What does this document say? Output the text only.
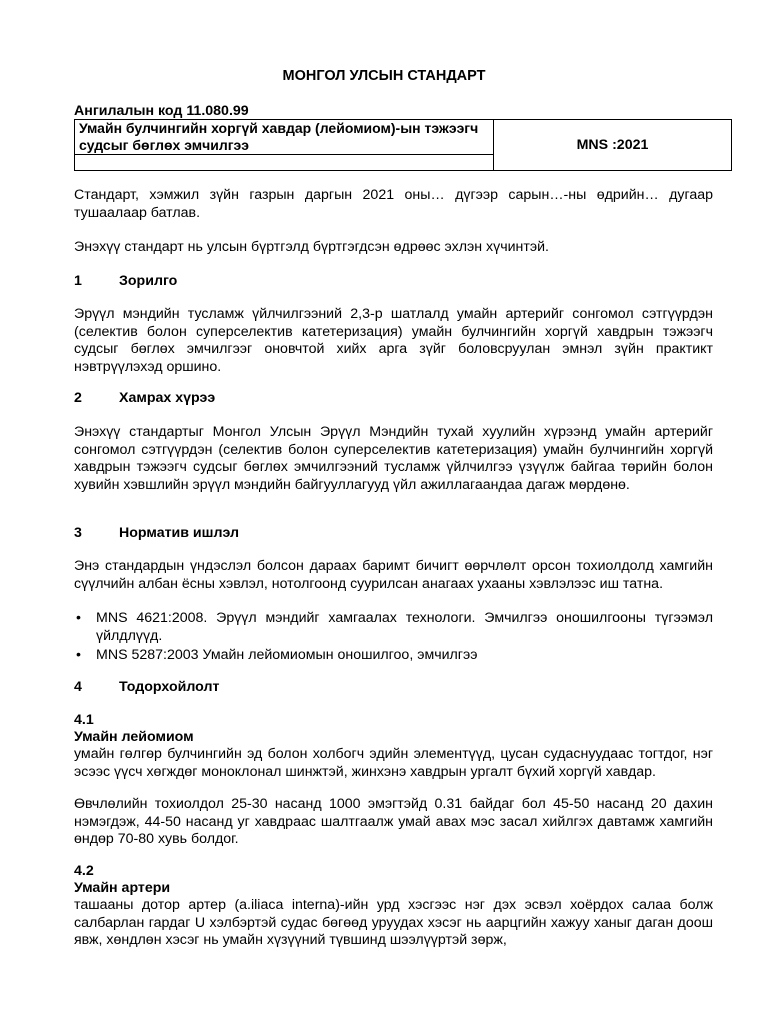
МОНГОЛ УЛСЫН СТАНДАРТ
Ангилалын код 11.080.99
Умайн булчингийн хоргүй хавдар (лейомиом)-ын тэжээгч судсыг бөглөх эмчилгээ	MNS :2021

Стандарт, хэмжил зүйн газрын даргын 2021 оны… дүгээр сарын…-ны өдрийн… дугаар тушаалаар батлав.

Энэхүү стандарт нь улсын бүртгэлд бүртгэгдсэн өдрөөс эхлэн хүчинтэй.

1	Зорилго

Эрүүл мэндийн тусламж үйлчилгээний 2,3-р шатлалд умайн артерийг сонгомол сэтгүүрдэн (селектив болон суперселектив катетеризация) умайн булчингийн хоргүй хавдрын тэжээгч судсыг бөглөх эмчилгээг оновчтой хийх арга зүйг боловсруулан эмнэл зүйн практикт нэвтрүүлэхэд оршино.

2	Хамрах хүрээ

Энэхүү стандартыг Монгол Улсын Эрүүл Мэндийн тухай хуулийн хүрээнд умайн артерийг сонгомол сэтгүүрдэн (селектив болон суперселектив катетеризация) умайн булчингийн хоргүй хавдрын тэжээгч судсыг бөглөх эмчилгээний тусламж үйлчилгээ үзүүлж байгаа төрийн болон хувийн хэвшлийн эрүүл мэндийн байгууллагууд үйл ажиллагаандаа дагаж мөрдөнө.

3	Норматив ишлэл

Энэ стандардын үндэслэл болсон дараах баримт бичигт өөрчлөлт орсон тохиолдолд хамгийн сүүлчийн албан ёсны хэвлэл, нотолгоонд суурилсан анагаах ухааны хэвлэлээс иш татна.

• MNS 4621:2008. Эрүүл мэндийг хамгаалах технологи. Эмчилгээ оношилгооны түгээмэл үйлдлүүд.
• MNS 5287:2003 Умайн лейомиомын оношилгоо, эмчилгээ
4	Тодорхойлолт
4.1
Умайн лейомиом

умайн гөлгөр булчингийн эд болон холбогч эдийн элементүүд, цусан судаснуудаас тогтдог, нэг эсээс үүсч хөгждөг моноклонал шинжтэй, жинхэнэ хавдрын ургалт бүхий хоргүй хавдар.

Өвчлөлийн тохиолдол 25-30 насанд 1000 эмэгтэйд 0.31 байдаг бол 45-50 насанд 20 дахин нэмэгдэж, 44-50 насанд уг хавдраас шалтгаалж умай авах мэс засал хийлгэх давтамж хамгийн өндөр 70-80 хувь болдог.

4.2
Умайн артери

ташааны дотор артер (a.iliaca interna)-ийн урд хэсгээс нэг дэх эсвэл хоёрдох салаа болж салбарлан гардаг U хэлбэртэй судас бөгөөд уруудах хэсэг нь аарцгийн хажуу ханыг даган доош явж, хөндлөн хэсэг нь умайн хүзүүний түвшинд шээлүүртэй зөрж,
